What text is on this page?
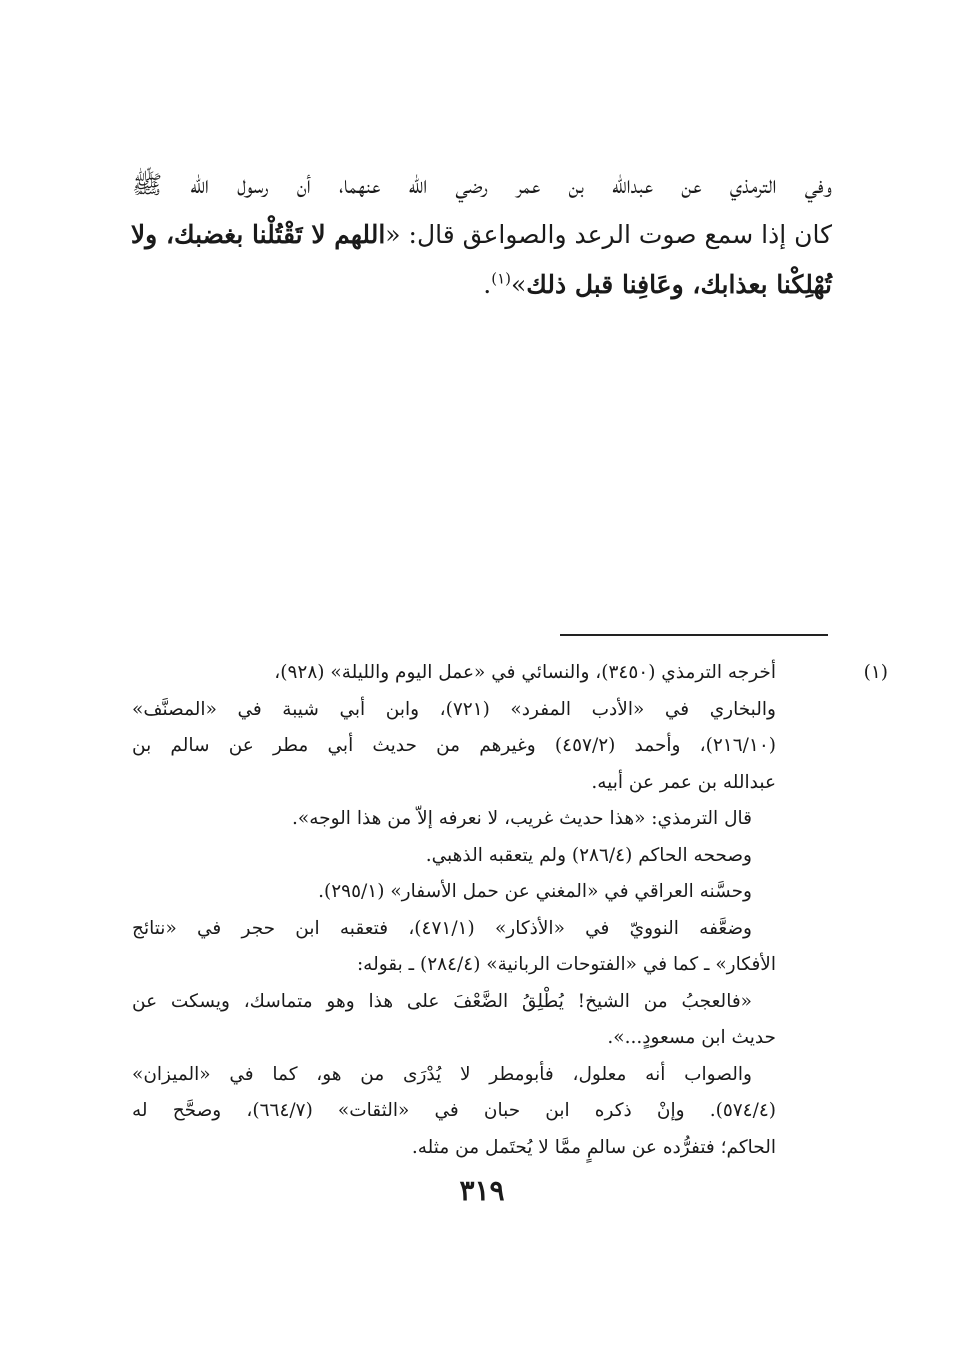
وفي الترمذي عن عبدالله بن عمر رضي الله عنهما، أن رسول الله ﷺ
كان إذا سمع صوت الرعد والصواعق قال: «اللهم لا تَقْتُلْنا بغضبك، ولا
تُهْلِكْنا بعذابك، وعَافِنا قبل ذلك»$^{(١)}$.
(١)أخرجه الترمذي (٣٤٥٠)، والنسائي في «عمل اليوم والليلة» (٩٢٨)،
والبخاري في «الأدب المفرد» (٧٢١)، وابن أبي شيبة في «المصنَّف»
(٢١٦/١٠)، وأحمد (٤٥٧/٢) وغيرهم من حديث أبي مطر عن سالم بن
عبدالله بن عمر عن أبيه.
قال الترمذي: «هذا حديث غريب، لا نعرفه إلاّ من هذا الوجه».
وصححه الحاكم (٢٨٦/٤) ولم يتعقبه الذهبي.
وحسَّنه العراقي في «المغني عن حمل الأسفار» (٢٩٥/١).
وضعَّفه النوويّ في «الأذكار» (٤٧١/١)، فتعقبه ابن حجر في «نتائج
الأفكار» ـ كما في «الفتوحات الربانية» (٢٨٤/٤) ـ بقوله:
«فالعجبُ من الشيخ! يُطْلِقُ الضَّعْفَ على هذا وهو متماسك، ويسكت عن
حديث ابن مسعودٍ...».
والصواب أنه معلول، فأبومطر لا يُدْرَى من هو، كما في «الميزان»
(٥٧٤/٤). وإنْ ذكره ابن حبان في «الثقات» (٦٦٤/٧)، وصحَّح له
الحاكم؛ فتفرُّده عن سالمٍ ممَّا لا يُحتَمل من مثله.
٣١٩
